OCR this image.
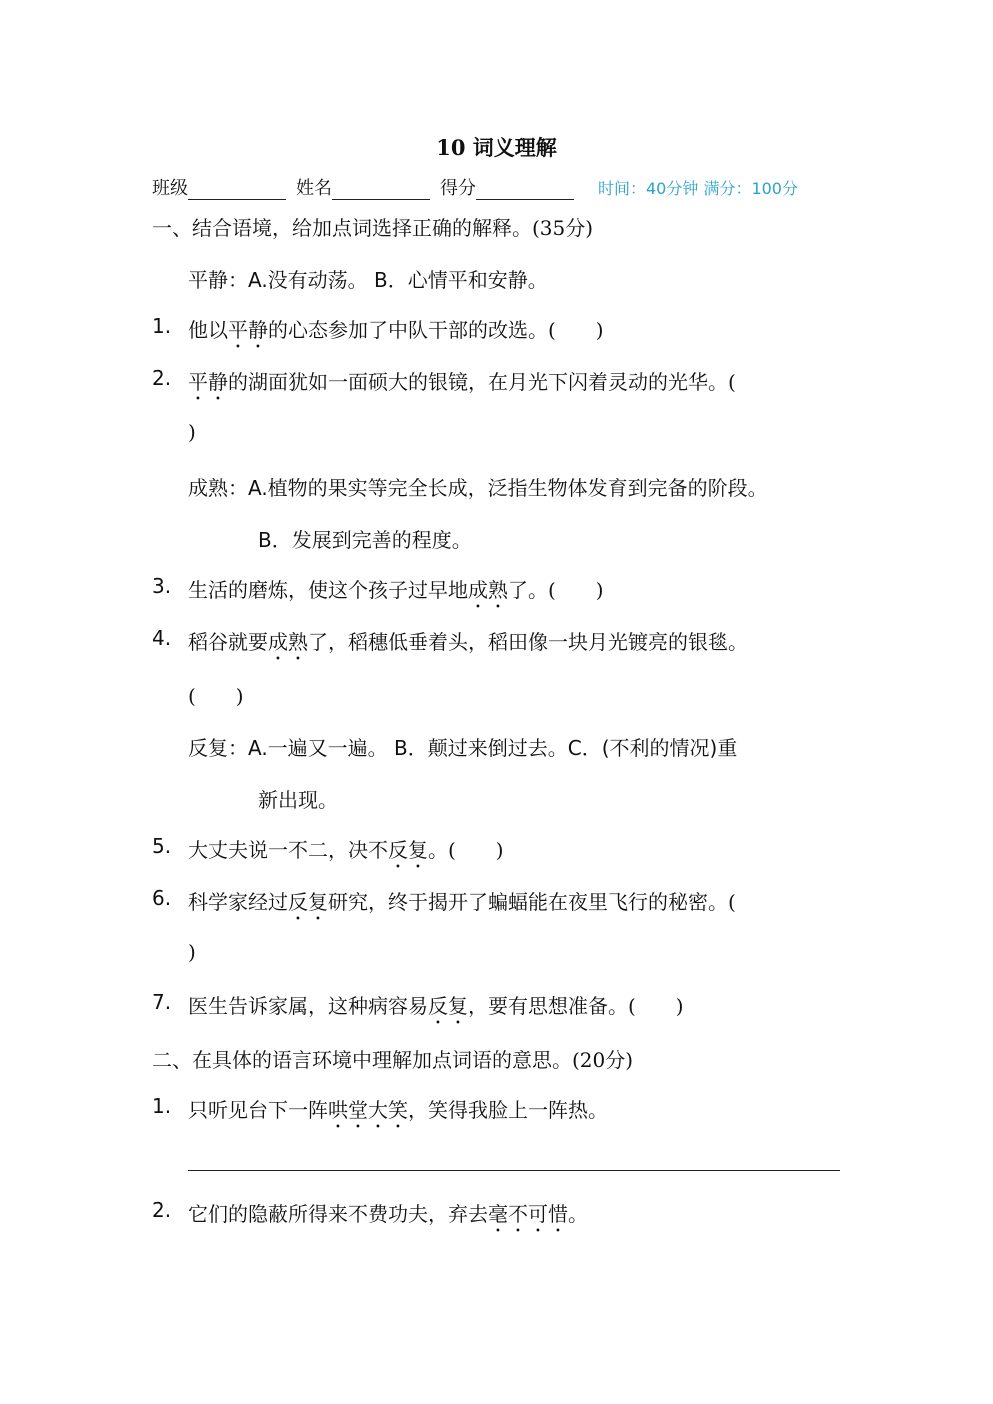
10 词义理解
班级	姓名	得分	时间：40分钟 满分：100分
一、结合语境，给加点词选择正确的解释。(35分)
平静：A.没有动荡。 B．心情平和安静。
1. 他以平静的心态参加了中队干部的改选。(　　)
2. 平静的湖面犹如一面硕大的银镜，在月光下闪着灵动的光华。(
)
成熟：A.植物的果实等完全长成，泛指生物体发育到完备的阶段。
B．发展到完善的程度。
3. 生活的磨炼，使这个孩子过早地成熟了。(　　)
4. 稻谷就要成熟了，稻穗低垂着头，稻田像一块月光镀亮的银毯。
(　　)
反复：A.一遍又一遍。 B．颠过来倒过去。C．(不利的情况)重
新出现。
5. 大丈夫说一不二，决不反复。(　　)
6. 科学家经过反复研究，终于揭开了蝙蝠能在夜里飞行的秘密。(
)
7. 医生告诉家属，这种病容易反复，要有思想准备。(　　)
二、在具体的语言环境中理解加点词语的意思。(20分)
1. 只听见台下一阵哄堂大笑，笑得我脸上一阵热。
2. 它们的隐蔽所得来不费功夫，弃去毫不可惜。
